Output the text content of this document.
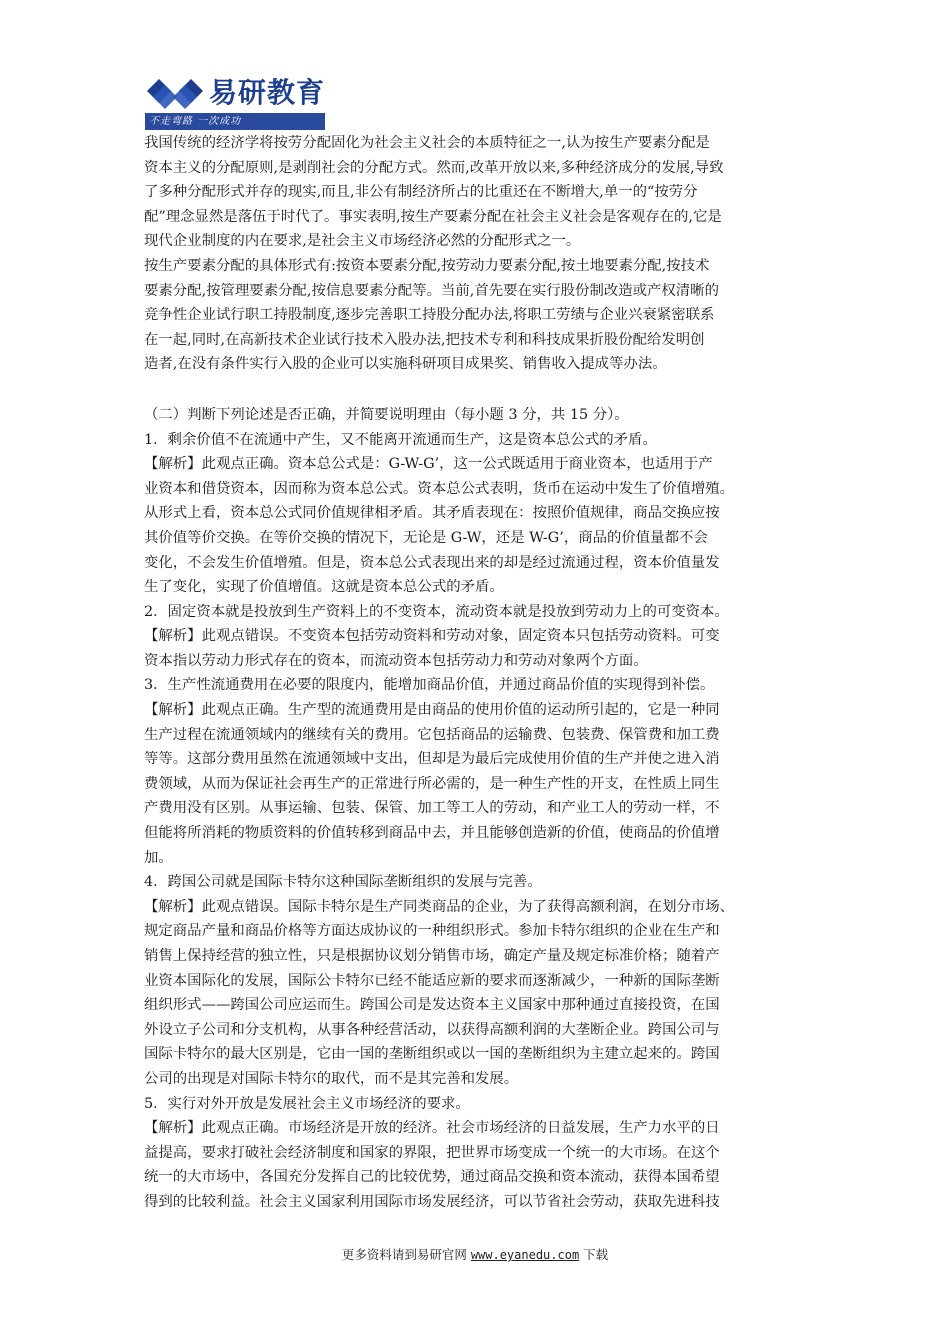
易研教育
不走弯路 一次成功
我国传统的经济学将按劳分配固化为社会主义社会的本质特征之一,认为按生产要素分配是
资本主义的分配原则,是剥削社会的分配方式。然而,改革开放以来,多种经济成分的发展,导致
了多种分配形式并存的现实,而且,非公有制经济所占的比重还在不断增大,单一的“按劳分
配”理念显然是落伍于时代了。事实表明,按生产要素分配在社会主义社会是客观存在的,它是
现代企业制度的内在要求,是社会主义市场经济必然的分配形式之一。
按生产要素分配的具体形式有:按资本要素分配,按劳动力要素分配,按土地要素分配,按技术
要素分配,按管理要素分配,按信息要素分配等。当前,首先要在实行股份制改造或产权清晰的
竞争性企业试行职工持股制度,逐步完善职工持股分配办法,将职工劳绩与企业兴衰紧密联系
在一起,同时,在高新技术企业试行技术入股办法,把技术专利和科技成果折股份配给发明创
造者,在没有条件实行入股的企业可以实施科研项目成果奖、销售收入提成等办法。
（二）判断下列论述是否正确，并简要说明理由（每小题 3 分，共 15 分）。
1．剩余价值不在流通中产生，又不能离开流通而生产，这是资本总公式的矛盾。
【解析】此观点正确。资本总公式是：G-W-G’，这一公式既适用于商业资本，也适用于产
业资本和借贷资本，因而称为资本总公式。资本总公式表明，货币在运动中发生了价值增殖。
从形式上看，资本总公式同价值规律相矛盾。其矛盾表现在：按照价值规律，商品交换应按
其价值等价交换。在等价交换的情况下，无论是 G-W，还是 W-G’，商品的价值量都不会
变化，不会发生价值增殖。但是，资本总公式表现出来的却是经过流通过程，资本价值量发
生了变化，实现了价值增值。这就是资本总公式的矛盾。
2．固定资本就是投放到生产资料上的不变资本，流动资本就是投放到劳动力上的可变资本。
【解析】此观点错误。不变资本包括劳动资料和劳动对象，固定资本只包括劳动资料。可变
资本指以劳动力形式存在的资本，而流动资本包括劳动力和劳动对象两个方面。
3．生产性流通费用在必要的限度内，能增加商品价值，并通过商品价值的实现得到补偿。
【解析】此观点正确。生产型的流通费用是由商品的使用价值的运动所引起的，它是一种同
生产过程在流通领域内的继续有关的费用。它包括商品的运输费、包装费、保管费和加工费
等等。这部分费用虽然在流通领域中支出，但却是为最后完成使用价值的生产并使之进入消
费领域，从而为保证社会再生产的正常进行所必需的，是一种生产性的开支，在性质上同生
产费用没有区别。从事运输、包装、保管、加工等工人的劳动，和产业工人的劳动一样，不
但能将所消耗的物质资料的价值转移到商品中去，并且能够创造新的价值，使商品的价值增
加。
4．跨国公司就是国际卡特尔这种国际垄断组织的发展与完善。
【解析】此观点错误。国际卡特尔是生产同类商品的企业，为了获得高额利润，在划分市场、
规定商品产量和商品价格等方面达成协议的一种组织形式。参加卡特尔组织的企业在生产和
销售上保持经营的独立性，只是根据协议划分销售市场，确定产量及规定标准价格；随着产
业资本国际化的发展，国际公卡特尔已经不能适应新的要求而逐渐减少，一种新的国际垄断
组织形式——跨国公司应运而生。跨国公司是发达资本主义国家中那种通过直接投资，在国
外设立子公司和分支机构，从事各种经营活动，以获得高额利润的大垄断企业。跨国公司与
国际卡特尔的最大区别是，它由一国的垄断组织或以一国的垄断组织为主建立起来的。跨国
公司的出现是对国际卡特尔的取代，而不是其完善和发展。
5．实行对外开放是发展社会主义市场经济的要求。
【解析】此观点正确。市场经济是开放的经济。社会市场经济的日益发展，生产力水平的日
益提高，要求打破社会经济制度和国家的界限，把世界市场变成一个统一的大市场。在这个
统一的大市场中，各国充分发挥自己的比较优势，通过商品交换和资本流动，获得本国希望
得到的比较利益。社会主义国家利用国际市场发展经济，可以节省社会劳动，获取先进科技
更多资料请到易研官网 www.eyanedu.com 下载
